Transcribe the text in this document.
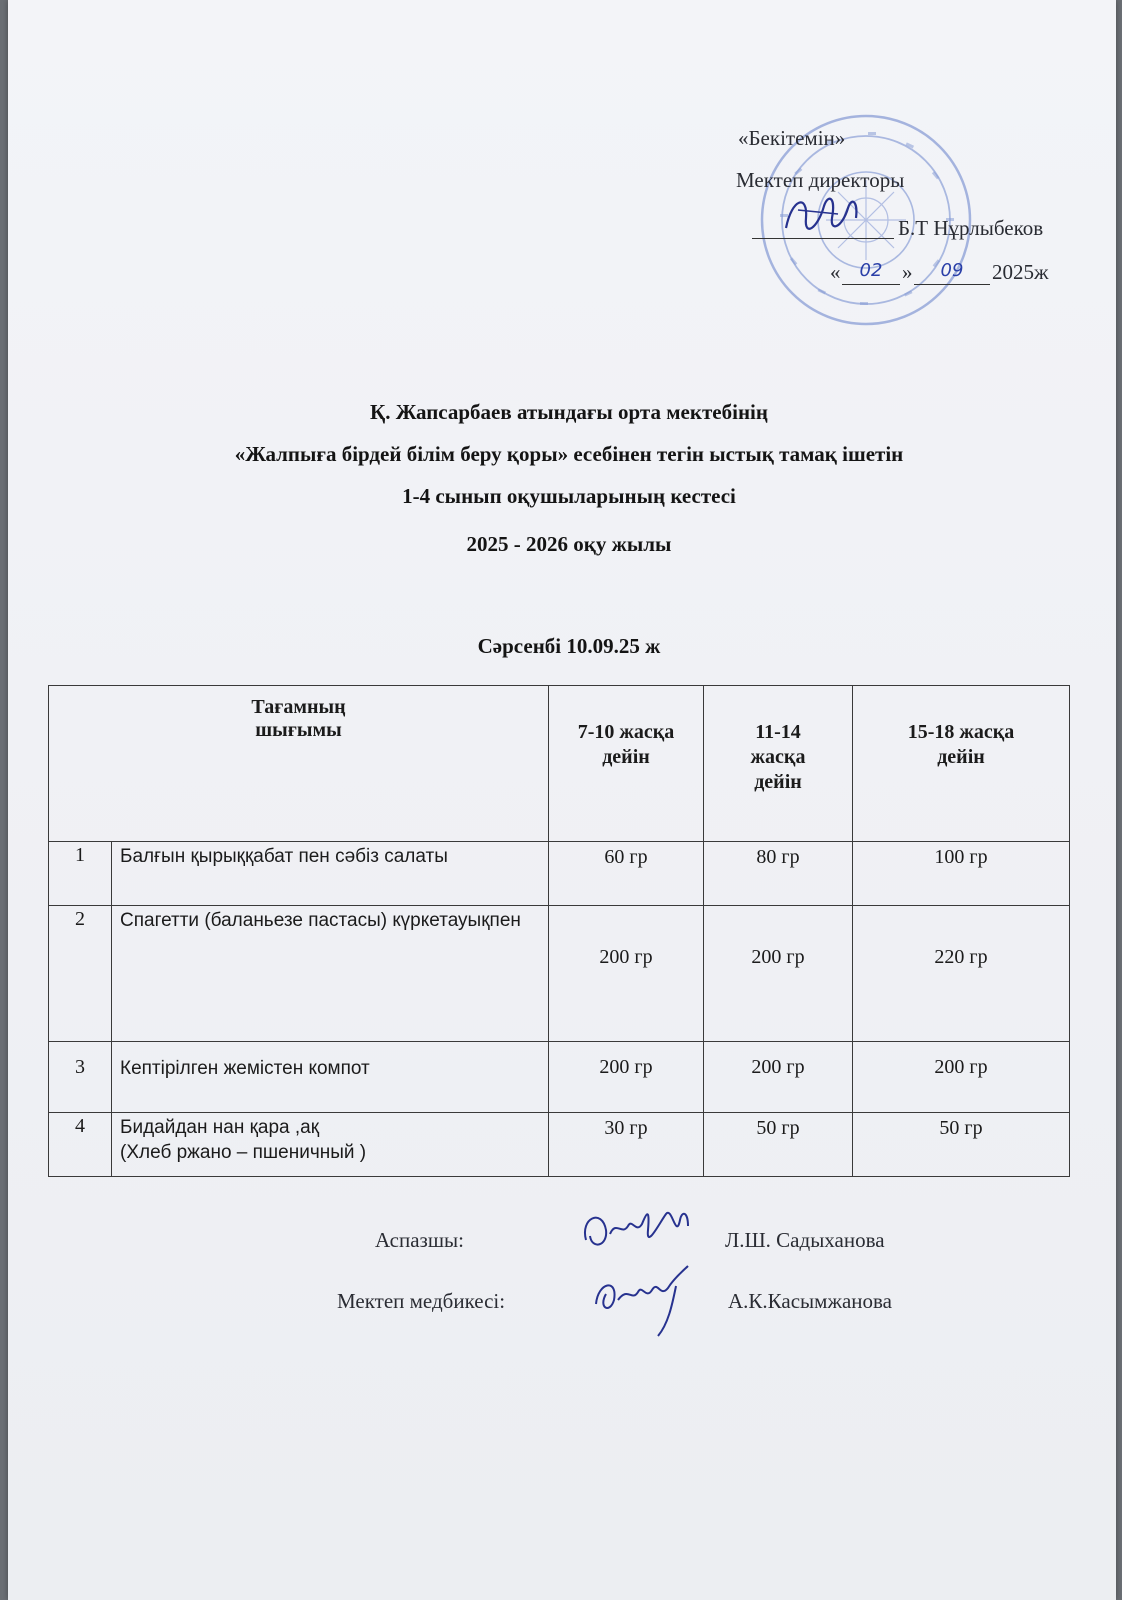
«Бекітемін»
Мектеп директоры
Б.Т Нұрлыбеков
«	02 »	09	2025ж
Қ. Жапсарбаев атындағы орта мектебінің
«Жалпыға бірдей білім беру қоры» есебінен тегін ыстық тамақ ішетін
1-4 сынып оқушыларының кестесі
2025 - 2026 оқу жылы
Сәрсенбі 10.09.25 ж
Тағамның шығымы		7-10 жасқа дейін	11-14 жасқа дейін	15-18 жасқа дейін
1	Балғын қырыққабат пен сәбіз салаты	60 гр	80 гр	100 гр
2	Спагетти (баланьезе пастасы) күркетауықпен	200 гр	200 гр	220 гр
3	Кептірілген жемістен компот	200 гр	200 гр	200 гр
4	Бидайдан нан қара ,ақ
(Хлеб ржано – пшеничный )	30 гр	50 гр	50 гр
Аспазшы:	Л.Ш. Садыханова
Мектеп медбикесі:	А.К.Касымжанова
